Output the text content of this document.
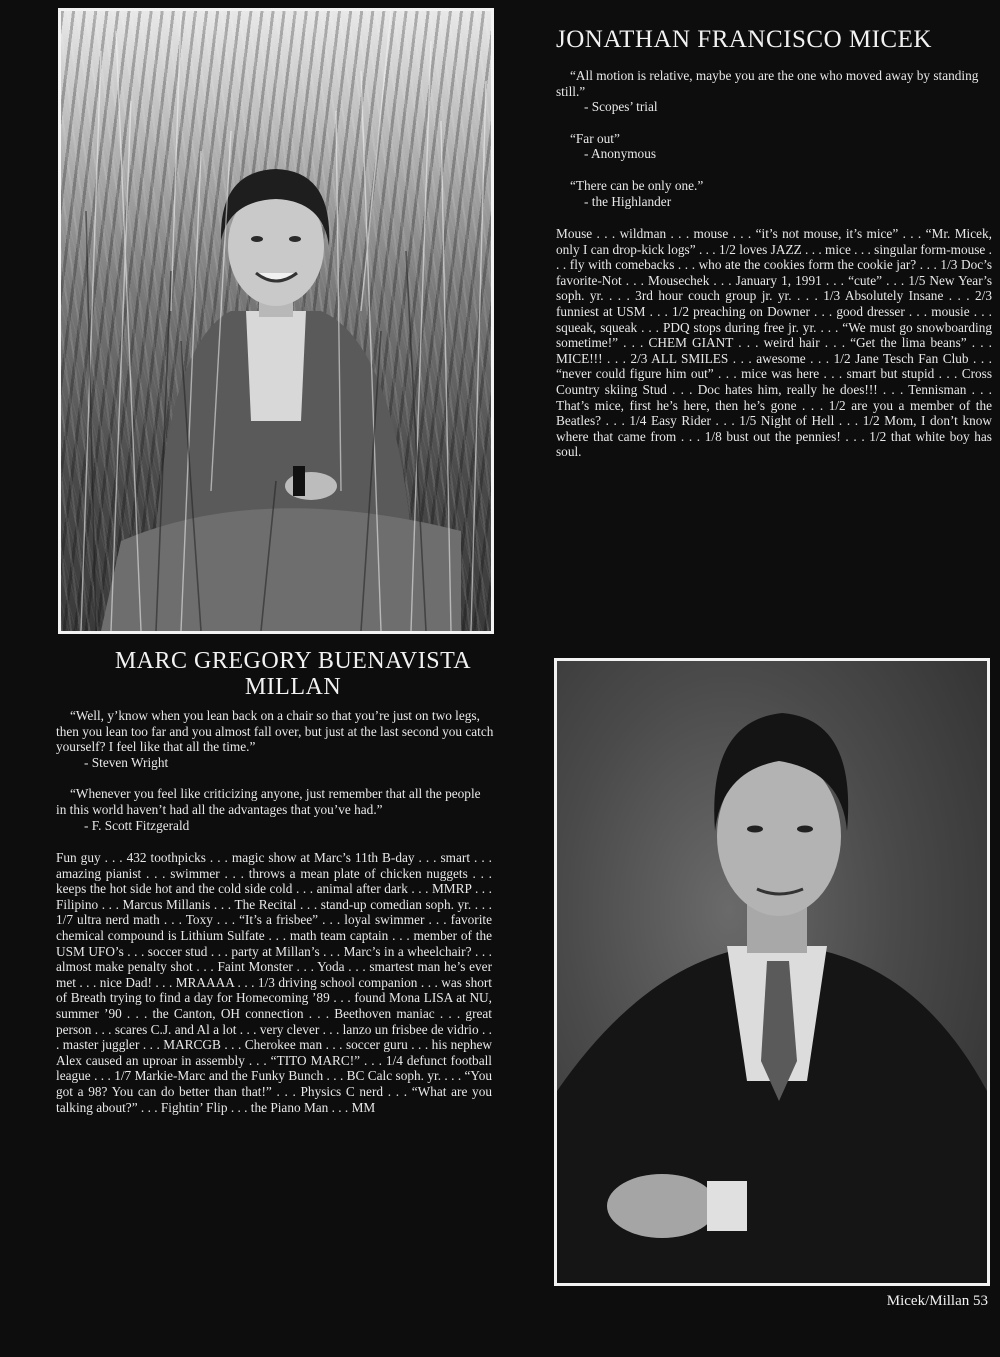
JONATHAN FRANCISCO MICEK
“All motion is relative, maybe you are the one who moved away by standing still.”
- Scopes’ trial
“Far out”
- Anonymous
“There can be only one.”
- the Highlander
Mouse . . . wildman . . . mouse . . . “it’s not mouse, it’s mice” . . . “Mr. Micek, only I can drop-kick logs” . . . 1/2 loves JAZZ . . . mice . . . singular form-mouse . . . fly with comebacks . . . who ate the cookies form the cookie jar? . . . 1/3 Doc’s favorite-Not . . . Mousechek . . . January 1, 1991 . . . “cute” . . . 1/5 New Year’s soph. yr. . . . 3rd hour couch group jr. yr. . . . 1/3 Absolutely Insane . . . 2/3 funniest at USM . . . 1/2 preaching on Downer . . . good dresser . . . mousie . . . squeak, squeak . . . PDQ stops during free jr. yr. . . . “We must go snowboarding sometime!” . . . CHEM GIANT . . . weird hair . . . “Get the lima beans” . . . MICE!!! . . . 2/3 ALL SMILES . . . awesome . . . 1/2 Jane Tesch Fan Club . . . “never could figure him out” . . . mice was here . . . smart but stupid . . . Cross Country skiing Stud . . . Doc hates him, really he does!!! . . . Tennisman . . . That’s mice, first he’s here, then he’s gone . . . 1/2 are you a member of the Beatles? . . . 1/4 Easy Rider . . . 1/5 Night of Hell . . . 1/2 Mom, I don’t know where that came from . . . 1/8 bust out the pennies! . . . 1/2 that white boy has soul.
MARC GREGORY BUENAVISTA
MILLAN
“Well, y’know when you lean back on a chair so that you’re just on two legs, then you lean too far and you almost fall over, but just at the last second you catch yourself? I feel like that all the time.”
- Steven Wright
“Whenever you feel like criticizing anyone, just remember that all the people in this world haven’t had all the advantages that you’ve had.”
- F. Scott Fitzgerald
Fun guy . . . 432 toothpicks . . . magic show at Marc’s 11th B-day . . . smart . . . amazing pianist . . . swimmer . . . throws a mean plate of chicken nuggets . . . keeps the hot side hot and the cold side cold . . . animal after dark . . . MMRP . . . Filipino . . . Marcus Millanis . . . The Recital . . . stand-up comedian soph. yr. . . . 1/7 ultra nerd math . . . Toxy . . . “It’s a frisbee” . . . loyal swimmer . . . favorite chemical compound is Lithium Sulfate . . . math team captain . . . member of the USM UFO’s . . . soccer stud . . . party at Millan’s . . . Marc’s in a wheelchair? . . . almost make penalty shot . . . Faint Monster . . . Yoda . . . smartest man he’s ever met . . . nice Dad! . . . MRAAAA . . . 1/3 driving school companion . . . was short of Breath trying to find a day for Homecoming ’89 . . . found Mona LISA at NU, summer ’90 . . . the Canton, OH connection . . . Beethoven maniac . . . great person . . . scares C.J. and Al a lot . . . very clever . . . lanzo un frisbee de vidrio . . . master juggler . . . MARCGB . . . Cherokee man . . . soccer guru . . . his nephew Alex caused an uproar in assembly . . . “TITO MARC!” . . . 1/4 defunct football league . . . 1/7 Markie-Marc and the Funky Bunch . . . BC Calc soph. yr. . . . “You got a 98? You can do better than that!” . . . Physics C nerd . . . “What are you talking about?” . . . Fightin’ Flip . . . the Piano Man . . . MM
Micek/Millan 53
